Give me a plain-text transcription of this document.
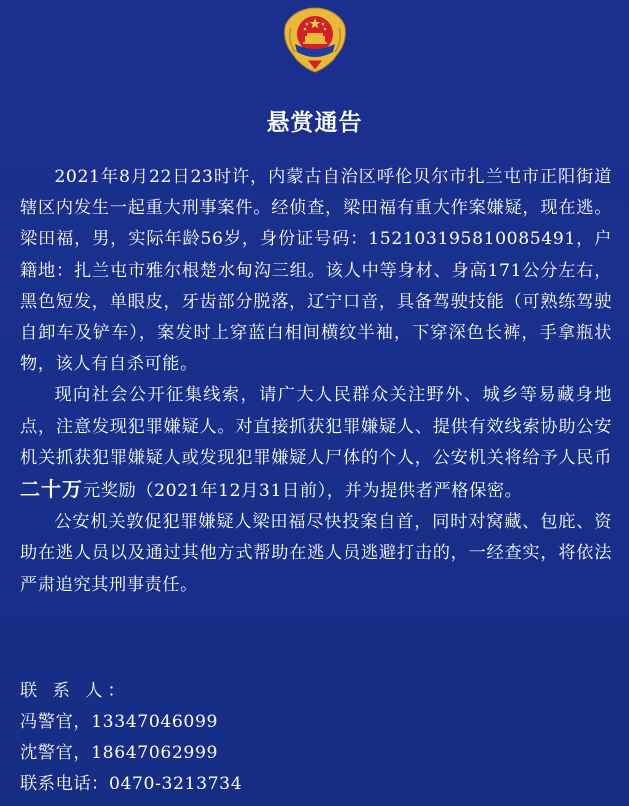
悬赏通告

2021年8月22日23时许，内蒙古自治区呼伦贝尔市扎兰屯市正阳街道辖区内发生一起重大刑事案件。经侦查，梁田福有重大作案嫌疑，现在逃。梁田福，男，实际年龄56岁，身份证号码：152103195810085491，户籍地：扎兰屯市雅尔根楚水甸沟三组。该人中等身材、身高171公分左右，黑色短发，单眼皮，牙齿部分脱落，辽宁口音，具备驾驶技能（可熟练驾驶自卸车及铲车），案发时上穿蓝白相间横纹半袖，下穿深色长裤，手拿瓶状物，该人有自杀可能。

现向社会公开征集线索，请广大人民群众关注野外、城乡等易藏身地点，注意发现犯罪嫌疑人。对直接抓获犯罪嫌疑人、提供有效线索协助公安机关抓获犯罪嫌疑人或发现犯罪嫌疑人尸体的个人，公安机关将给予人民币二十万元奖励（2021年12月31日前），并为提供者严格保密。

公安机关敦促犯罪嫌疑人梁田福尽快投案自首，同时对窝藏、包庇、资助在逃人员以及通过其他方式帮助在逃人员逃避打击的，一经查实，将依法严肃追究其刑事责任。

联 系 人：
冯警官，13347046099
沈警官，18647062999
联系电话：0470-3213734
